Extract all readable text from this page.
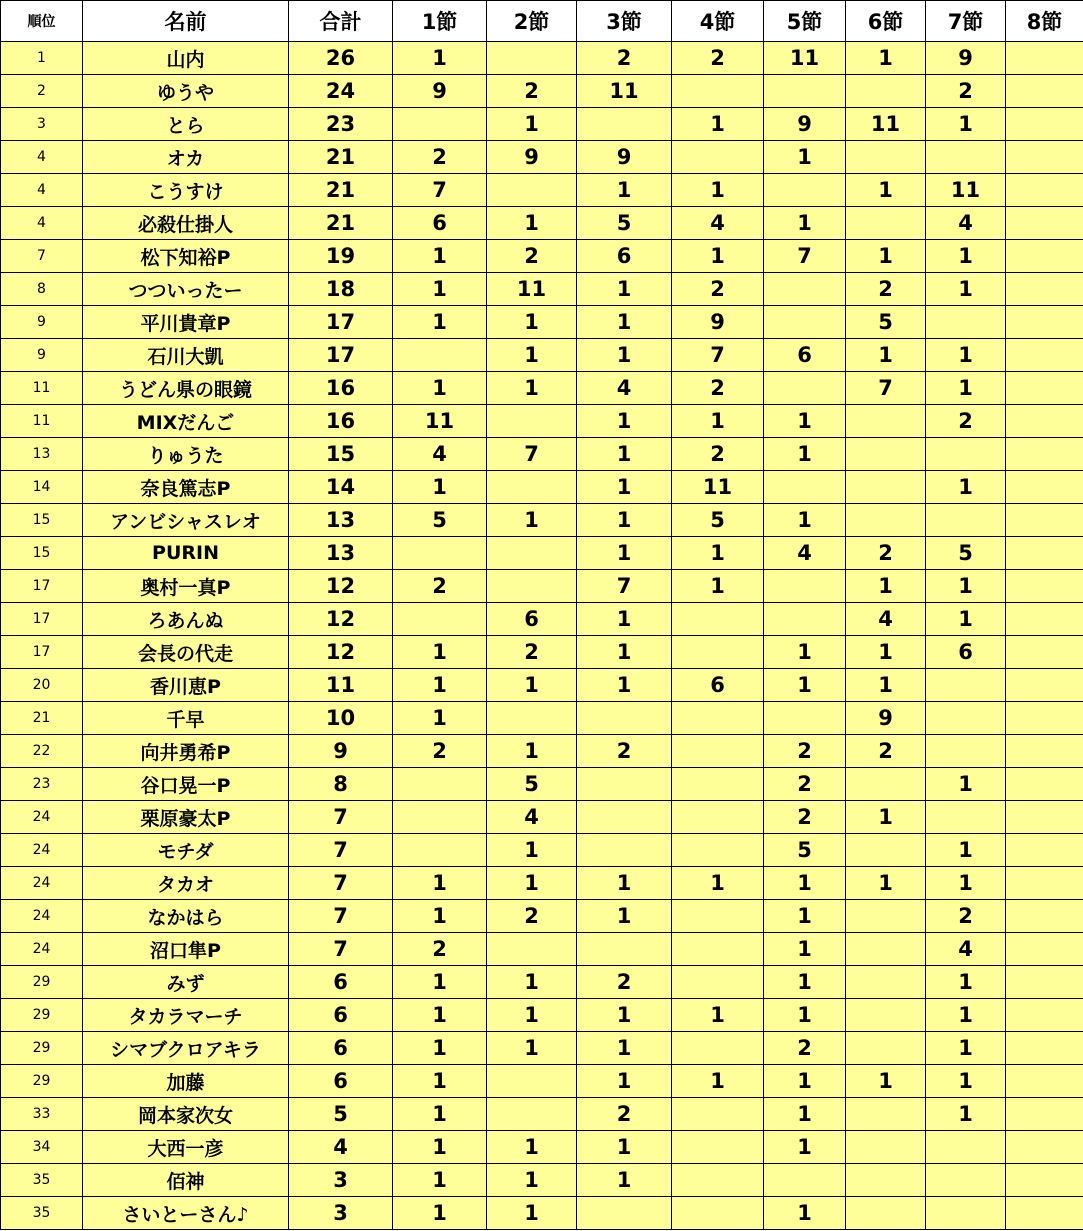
順位	名前	合計	1節	2節	3節	4節	5節	6節	7節	8節
1	山内	26	1		2	2	11	1	9	
2	ゆうや	24	9	2	11				2	
3	とら	23		1		1	9	11	1	
4	オカ	21	2	9	9		1			
4	こうすけ	21	7		1	1		1	11	
4	必殺仕掛人	21	6	1	5	4	1		4	
7	松下知裕P	19	1	2	6	1	7	1	1	
8	つついったー	18	1	11	1	2		2	1	
9	平川貴章P	17	1	1	1	9		5		
9	石川大凱	17		1	1	7	6	1	1	
11	うどん県の眼鏡	16	1	1	4	2		7	1	
11	MIXだんご	16	11		1	1	1		2	
13	りゅうた	15	4	7	1	2	1			
14	奈良篤志P	14	1		1	11			1	
15	アンビシャスレオ	13	5	1	1	5	1			
15	PURIN	13			1	1	4	2	5	
17	奥村一真P	12	2		7	1		1	1	
17	ろあんぬ	12		6	1			4	1	
17	会長の代走	12	1	2	1		1	1	6	
20	香川恵P	11	1	1	1	6	1	1		
21	千早	10	1					9		
22	向井勇希P	9	2	1	2		2	2		
23	谷口晃一P	8		5			2		1	
24	栗原豪太P	7		4			2	1		
24	モチダ	7		1			5		1	
24	タカオ	7	1	1	1	1	1	1	1	
24	なかはら	7	1	2	1		1		2	
24	沼口隼P	7	2				1		4	
29	みず	6	1	1	2		1		1	
29	タカラマーチ	6	1	1	1	1	1		1	
29	シマブクロアキラ	6	1	1	1		2		1	
29	加藤	6	1		1	1	1	1	1	
33	岡本家次女	5	1		2		1		1	
34	大西一彦	4	1	1	1		1			
35	佰神	3	1	1	1					
35	さいとーさん♪	3	1	1			1			
